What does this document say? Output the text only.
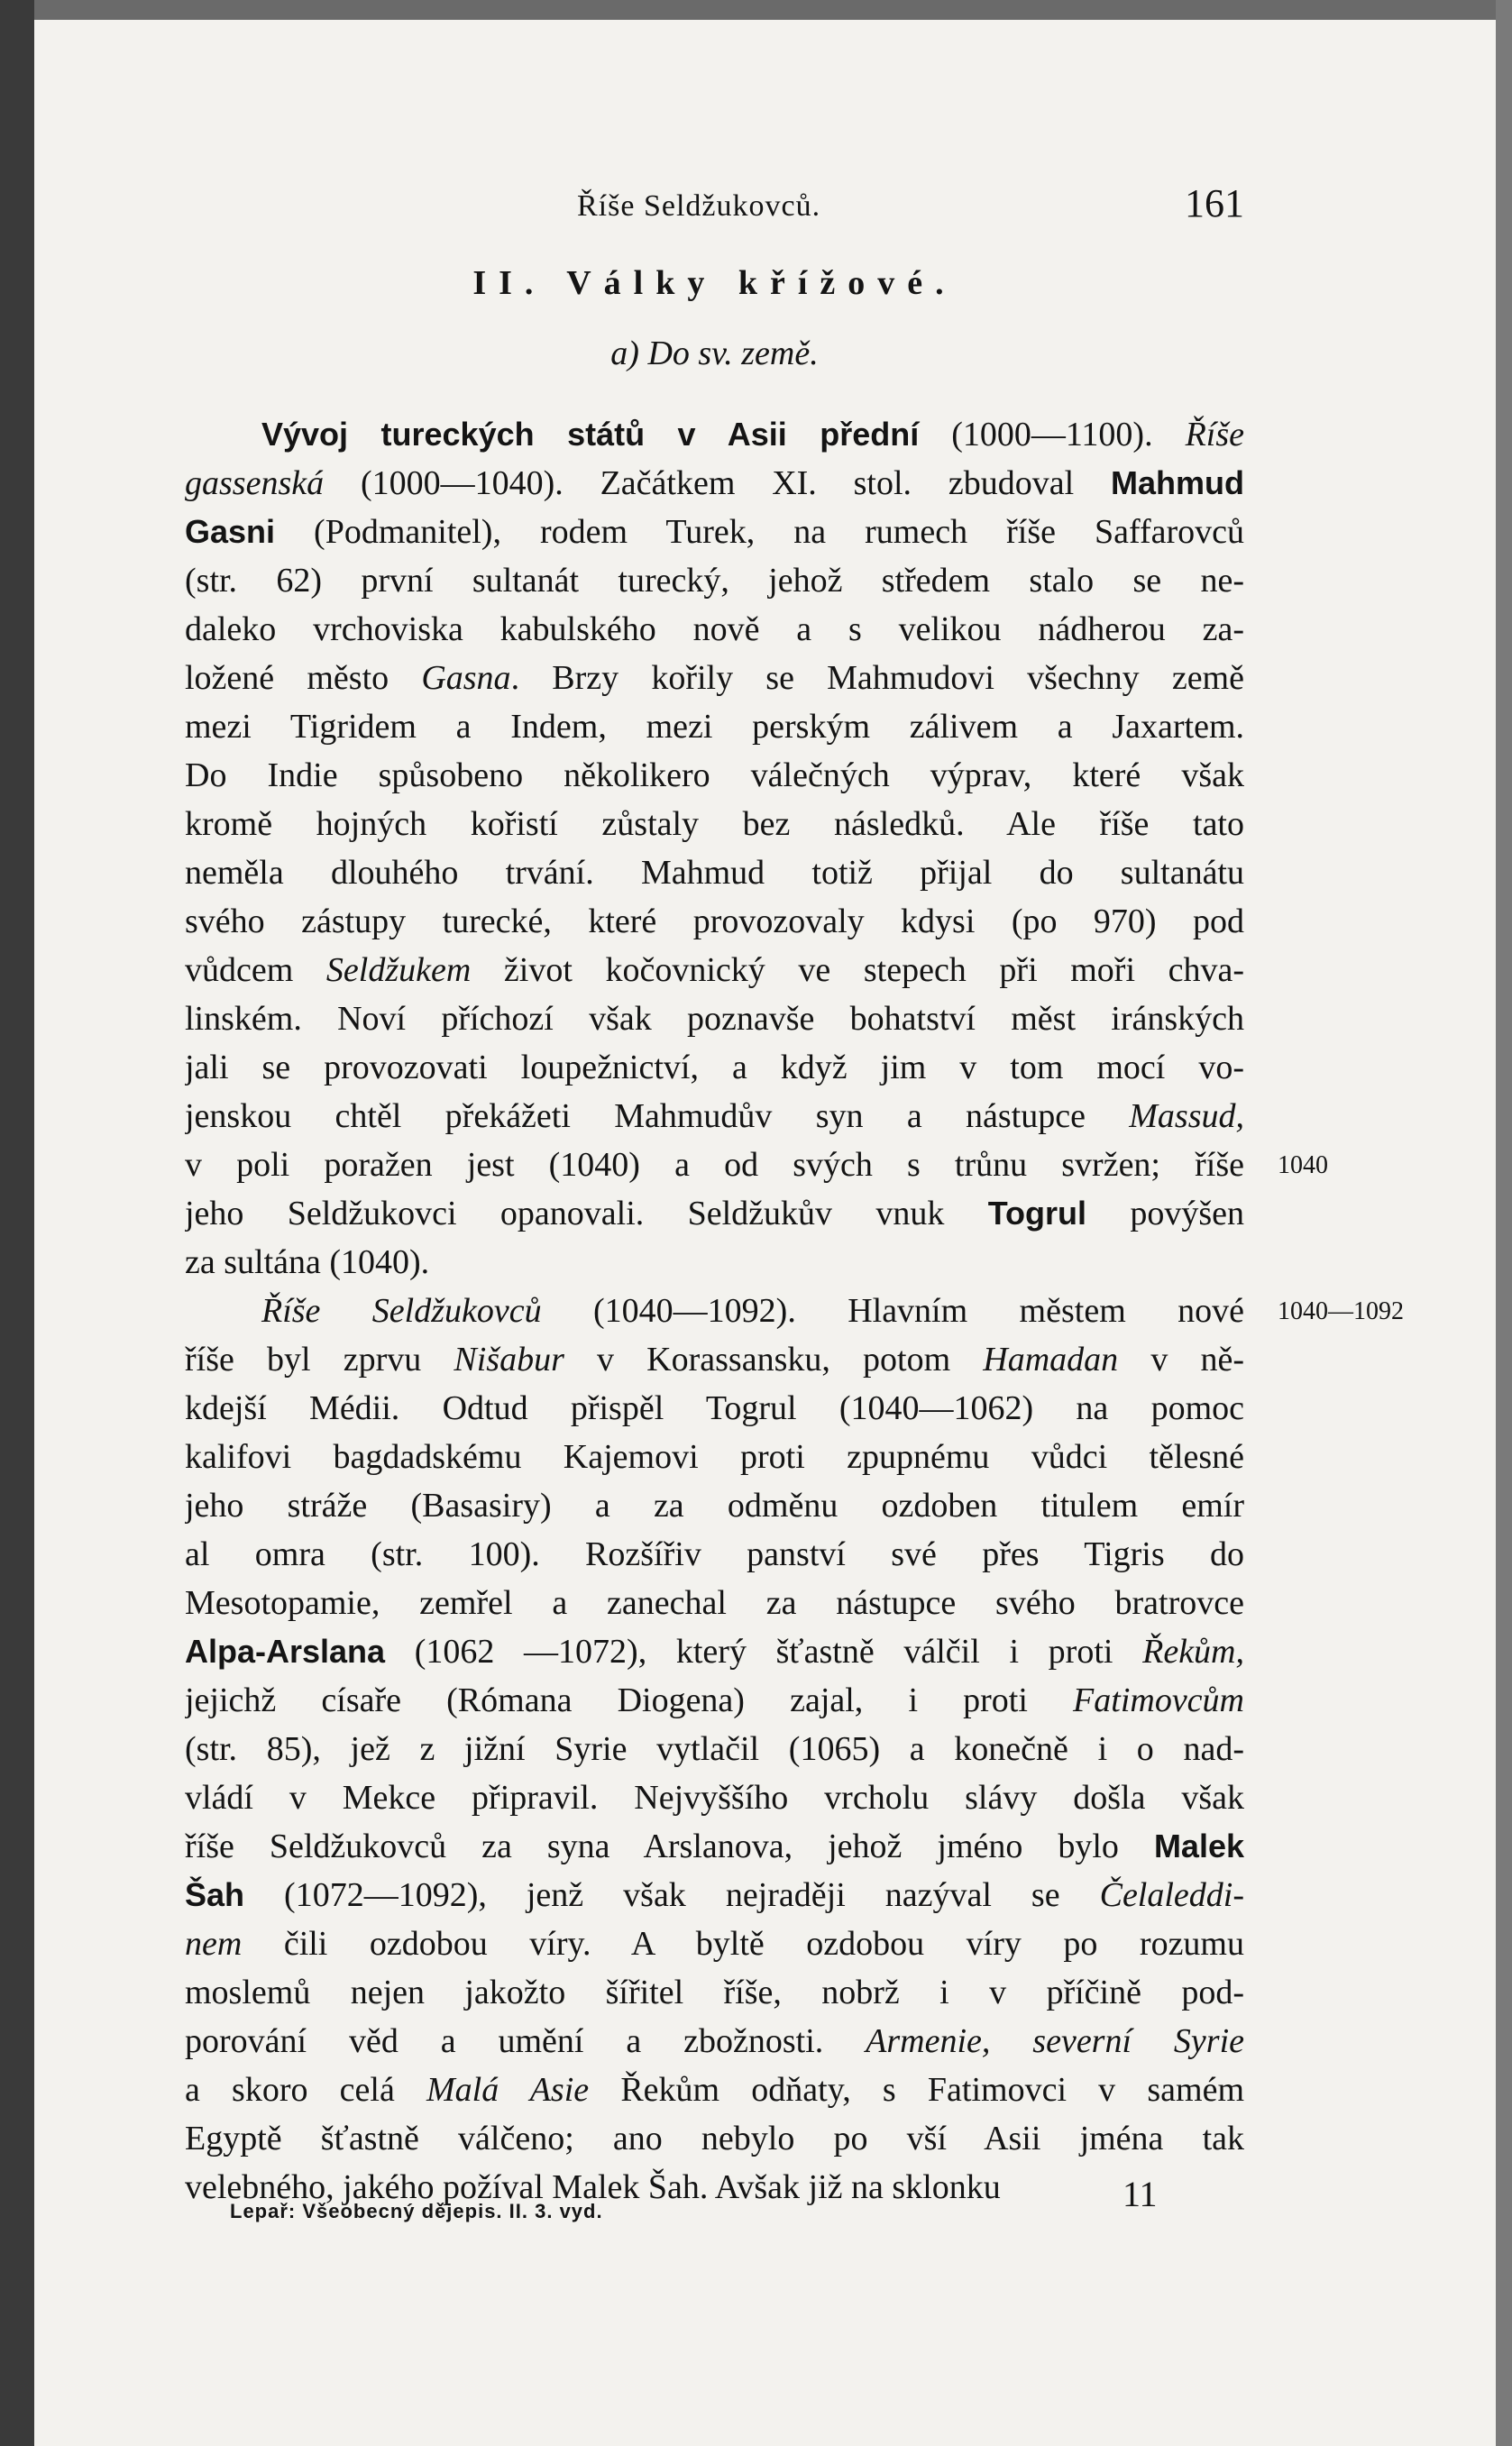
Říše Seldžukovců.	161
II. Války křížové.
a) Do sv. země.
Vývoj tureckých států v Asii přední (1000—1100). Říše
gassenská (1000—1040). Začátkem XI. stol. zbudoval Mahmud
Gasni (Podmanitel), rodem Turek, na rumech říše Saffarovců
(str. 62) první sultanát turecký, jehož středem stalo se ne-
daleko vrchoviska kabulského nově a s velikou nádherou za-
ložené město Gasna. Brzy kořily se Mahmudovi všechny země
mezi Tigridem a Indem, mezi perským zálivem a Jaxartem.
Do Indie spůsobeno několikero válečných výprav, které však
kromě hojných kořistí zůstaly bez následků. Ale říše tato
neměla dlouhého trvání. Mahmud totiž přijal do sultanátu
svého zástupy turecké, které provozovaly kdysi (po 970) pod
vůdcem Seldžukem život kočovnický ve stepech při moři chva-
linském. Noví příchozí však poznavše bohatství měst iránských
jali se provozovati loupežnictví, a když jim v tom mocí vo-
jenskou chtěl překážeti Mahmudův syn a nástupce Massud,
v poli poražen jest (1040) a od svých s trůnu svržen; říše
jeho Seldžukovci opanovali. Seldžukův vnuk Togrul povýšen
za sultána (1040).
Říše Seldžukovců (1040—1092). Hlavním městem nové
říše byl zprvu Nišabur v Korassansku, potom Hamadan v ně-
kdejší Médii. Odtud přispěl Togrul (1040—1062) na pomoc
kalifovi bagdadskému Kajemovi proti zpupnému vůdci tělesné
jeho stráže (Basasiry) a za odměnu ozdoben titulem emír
al omra (str. 100). Rozšířiv panství své přes Tigris do
Mesotopamie, zemřel a zanechal za nástupce svého bratrovce
Alpa-Arslana (1062 —1072), který šťastně válčil i proti Řekům,
jejichž císaře (Rómana Diogena) zajal, i proti Fatimovcům
(str. 85), jež z jižní Syrie vytlačil (1065) a konečně i o nad-
vládí v Mekce připravil. Nejvyššího vrcholu slávy došla však
říše Seldžukovců za syna Arslanova, jehož jméno bylo Malek
Šah (1072—1092), jenž však nejraději nazýval se Čelaleddi-
nem čili ozdobou víry. A byltě ozdobou víry po rozumu
moslemů nejen jakožto šířitel říše, nobrž i v příčině pod-
porování věd a umění a zbožnosti. Armenie, severní Syrie
a skoro celá Malá Asie Řekům odňaty, s Fatimovci v samém
Egyptě šťastně válčeno; ano nebylo po vší Asii jména tak
velebného, jakého požíval Malek Šah. Avšak již na sklonku
1040
1040—1092
Lepař: Všeobecný dějepis. II. 3. vyd.	11
